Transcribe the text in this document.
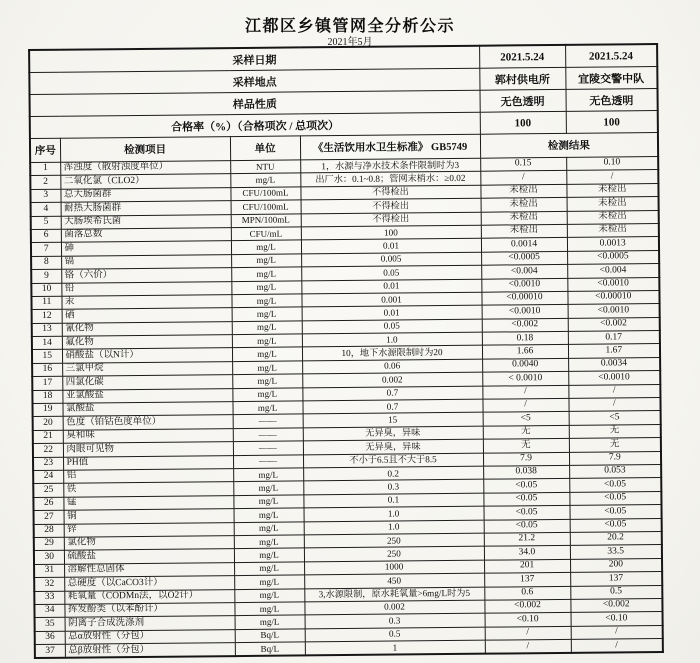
江都区乡镇管网全分析公示
2021年5月
采样日期				2021.5.24	2021.5.24
采样地点				郭村供电所	宜陵交警中队
样品性质				无色透明	无色透明
合格率（%）（合格项次 / 总项次）				100	100
序号	检测项目	单位	《生活饮用水卫生标准》 GB5749	检测结果	
1	浑浊度（散射浊度单位）	NTU	1，水源与净水技术条件限制时为3	0.15	0.10
2	二氧化氯（CLO2）	mg/L	出厂水：0.1~0.8；管网末梢水：≥0.02	/	/
3	总大肠菌群	CFU/100mL	不得检出	未检出	未检出
4	耐热大肠菌群	CFU/100mL	不得检出	未检出	未检出
5	大肠埃希氏菌	MPN/100mL	不得检出	未检出	未检出
6	菌落总数	CFU/mL	100	未检出	未检出
7	砷	mg/L	0.01	0.0014	0.0013
8	镉	mg/L	0.005	<0.0005	<0.0005
9	铬（六价）	mg/L	0.05	<0.004	<0.004
10	铅	mg/L	0.01	<0.0010	<0.0010
11	汞	mg/L	0.001	<0.00010	<0.00010
12	硒	mg/L	0.01	<0.0010	<0.0010
13	氰化物	mg/L	0.05	<0.002	<0.002
14	氟化物	mg/L	1.0	0.18	0.17
15	硝酸盐（以N计）	mg/L	10，地下水源限制时为20	1.66	1.67
16	三氯甲烷	mg/L	0.06	0.0040	0.0034
17	四氯化碳	mg/L	0.002	< 0.0010	<0.0010
18	亚氯酸盐	mg/L	0.7	/	/
19	氯酸盐	mg/L	0.7	/	/
20	色度（铂钴色度单位）	——	15	<5	<5
21	臭和味	——	无异臭，异味	无	无
22	肉眼可见物	——	无异臭，异味	无	无
23	PH值	——	不小于6.5且不大于8.5	7.9	7.9
24	铝	mg/L	0.2	0.038	0.053
25	铁	mg/L	0.3	<0.05	<0.05
26	锰	mg/L	0.1	<0.05	<0.05
27	铜	mg/L	1.0	<0.05	<0.05
28	锌	mg/L	1.0	<0.05	<0.05
29	氯化物	mg/L	250	21.2	20.2
30	硫酸盐	mg/L	250	34.0	33.5
31	溶解性总固体	mg/L	1000	201	200
32	总硬度（以CaCO3计）	mg/L	450	137	137
33	耗氧量（CODMn法，以O2计）	mg/L	3,水源限制，原水耗氧量>6mg/L时为5	0.6	0.5
34	挥发酚类（以苯酚计）	mg/L	0.002	<0.002	<0.002
35	阴离子合成洗涤剂	mg/L	0.3	<0.10	<0.10
36	总α放射性（分包）	Bq/L	0.5	/	/
37	总β放射性（分包）	Bq/L	1	/	/
